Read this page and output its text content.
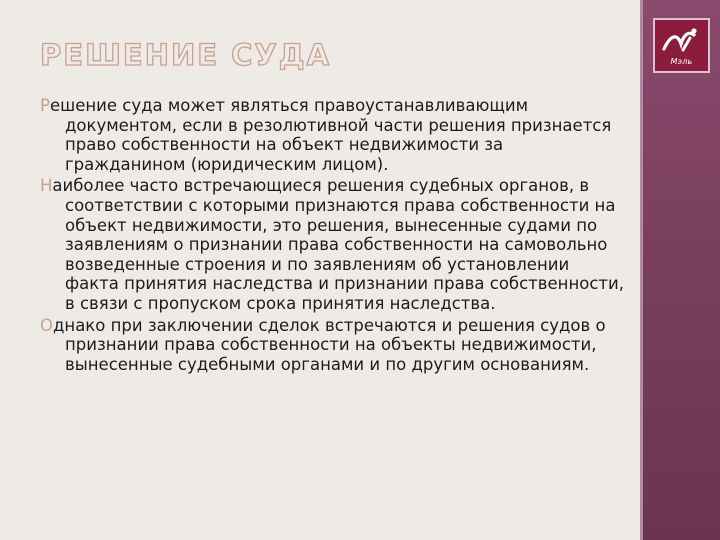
Мэль
РЕШЕНИЕ СУДА

Решение суда может являться правоустанавливающим документом, если в резолютивной части решения признается право собственности на объект недвижимости за гражданином (юридическим лицом).

Наиболее часто встречающиеся решения судебных органов, в соответствии с которыми признаются права собственности на объект недвижимости, это решения, вынесенные судами по заявлениям о признании права собственности на самовольно возведенные строения и по заявлениям об установлении факта принятия наследства и признании права собственности, в связи с пропуском срока принятия наследства.

Однако при заключении сделок встречаются и решения судов о признании права собственности на объекты недвижимости, вынесенные судебными органами и по другим основаниям.
